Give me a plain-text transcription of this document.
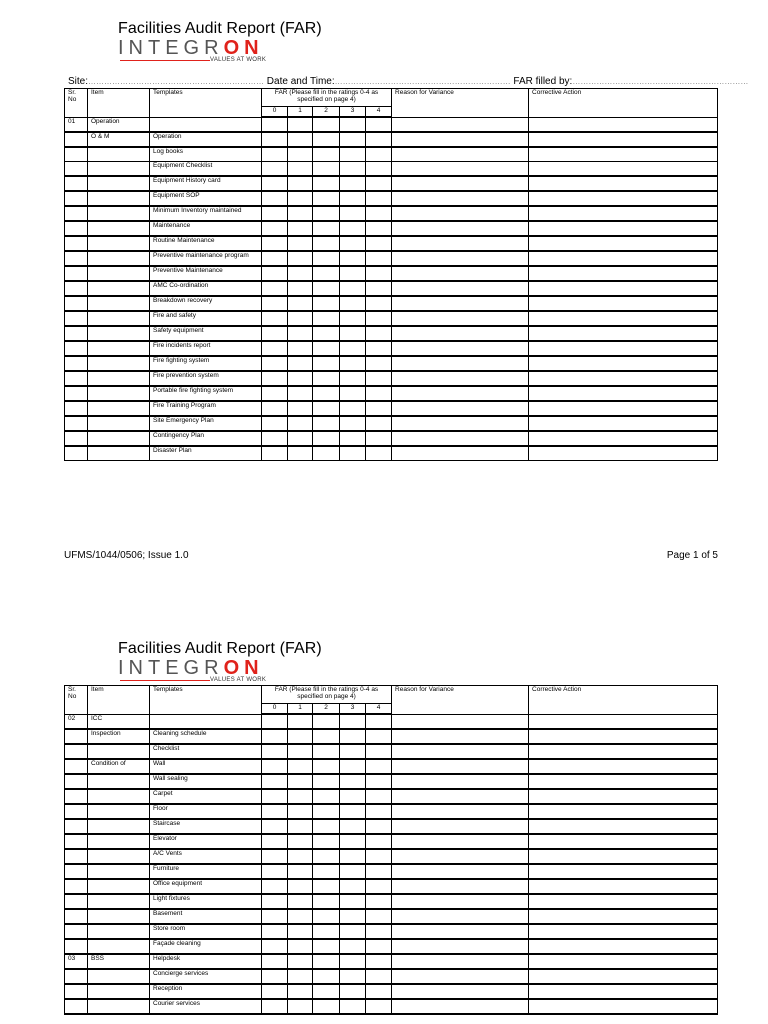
Facilities Audit Report (FAR)
INTEGRON
VALUES AT WORK
Site:………………………………………………………… Date and Time:………………………………………………………… FAR filled by:…………………………………………………………
Sr. No	Item	Templates	FAR (Please fill in the ratings 0-4 as specified on page 4)					Reason for Variance	Corrective Action
			0	1	2	3	4		
01	Operation								
	O & M	Operation							
		Log books							
		Equipment Checklist							
		Equipment History card							
		Equipment SOP							
		Minimum Inventory maintained							
		Maintenance							
		Routine Maintenance							
		Preventive maintenance program							
		Preventive Maintenance							
		AMC Co-ordination							
		Breakdown recovery							
		Fire and safety							
		Safety equipment							
		Fire incidents report							
		Fire fighting system							
		Fire prevention system							
		Portable fire fighting system							
		Fire Training Program							
		Site Emergency Plan							
		Contingency Plan							
		Disaster Plan							
UFMS/1044/0506; Issue 1.0	Page 1 of 5
Facilities Audit Report (FAR)
INTEGRON
VALUES AT WORK
Sr. No	Item	Templates	FAR (Please fill in the ratings 0-4 as specified on page 4)					Reason for Variance	Corrective Action
			0	1	2	3	4		
02	ICC								
	Inspection	Cleaning schedule							
		Checklist							
	Condition of	Wall							
		Wall sealing							
		Carpet							
		Floor							
		Staircase							
		Elevator							
		A/C Vents							
		Furniture							
		Office equipment							
		Light fixtures							
		Basement							
		Store room							
		Façade cleaning							
03	BSS	Helpdesk							
		Concierge services							
		Reception							
		Courier services							
